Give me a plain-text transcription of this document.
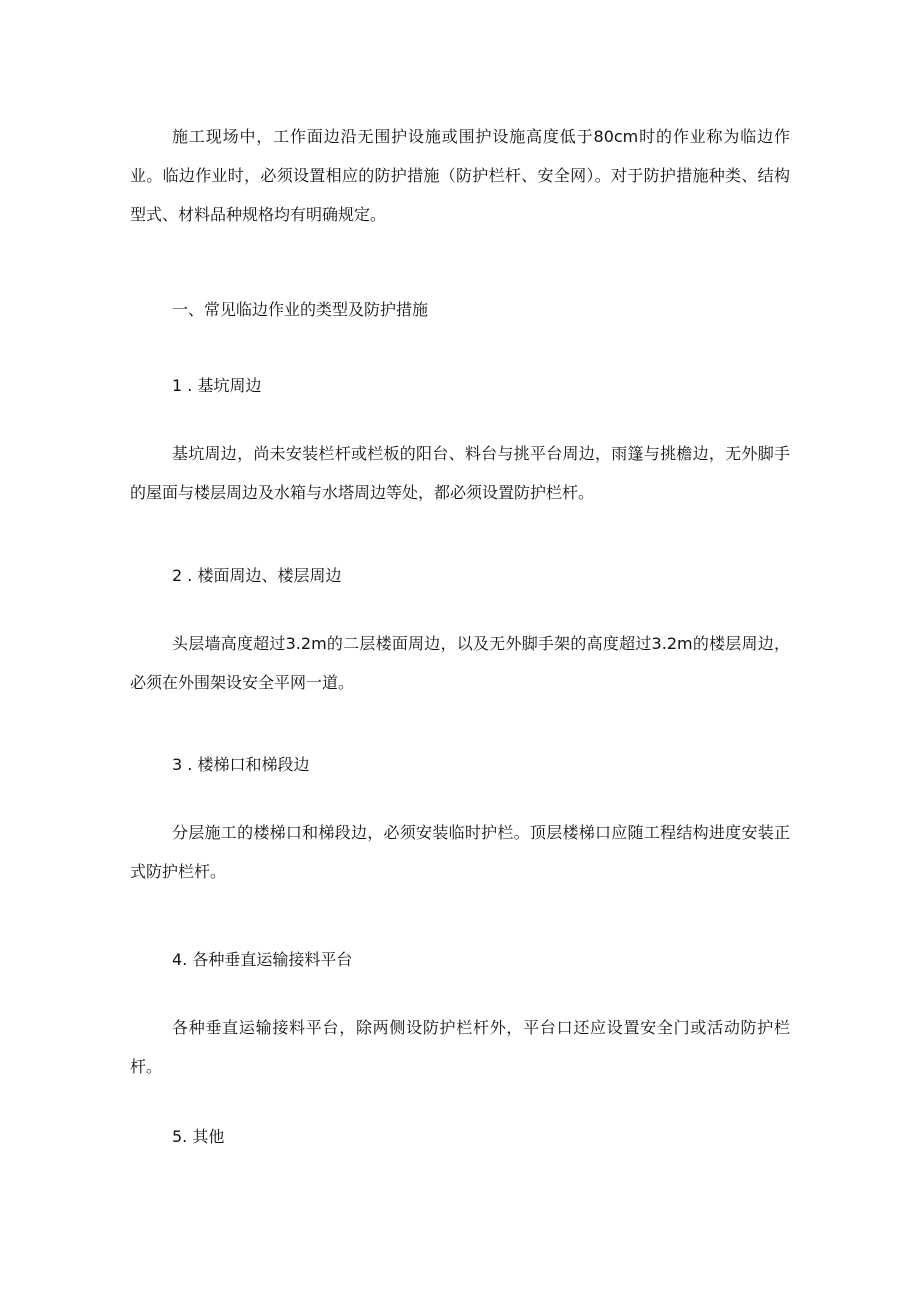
施工现场中，工作面边沿无围护设施或围护设施高度低于80cm时的作业称为临边作业。临边作业时，必须设置相应的防护措施（防护栏杆、安全网）。对于防护措施种类、结构型式、材料品种规格均有明确规定。

一、常见临边作业的类型及防护措施

1 . 基坑周边

基坑周边，尚未安装栏杆或栏板的阳台、料台与挑平台周边，雨篷与挑檐边，无外脚手的屋面与楼层周边及水箱与水塔周边等处，都必须设置防护栏杆。

2 . 楼面周边、楼层周边

头层墙高度超过3.2m的二层楼面周边，以及无外脚手架的高度超过3.2m的楼层周边，必须在外围架设安全平网一道。

3 . 楼梯口和梯段边

分层施工的楼梯口和梯段边，必须安装临时护栏。顶层楼梯口应随工程结构进度安装正式防护栏杆。

4. 各种垂直运输接料平台

各种垂直运输接料平台，除两侧设防护栏杆外，平台口还应设置安全门或活动防护栏杆。

5. 其他
